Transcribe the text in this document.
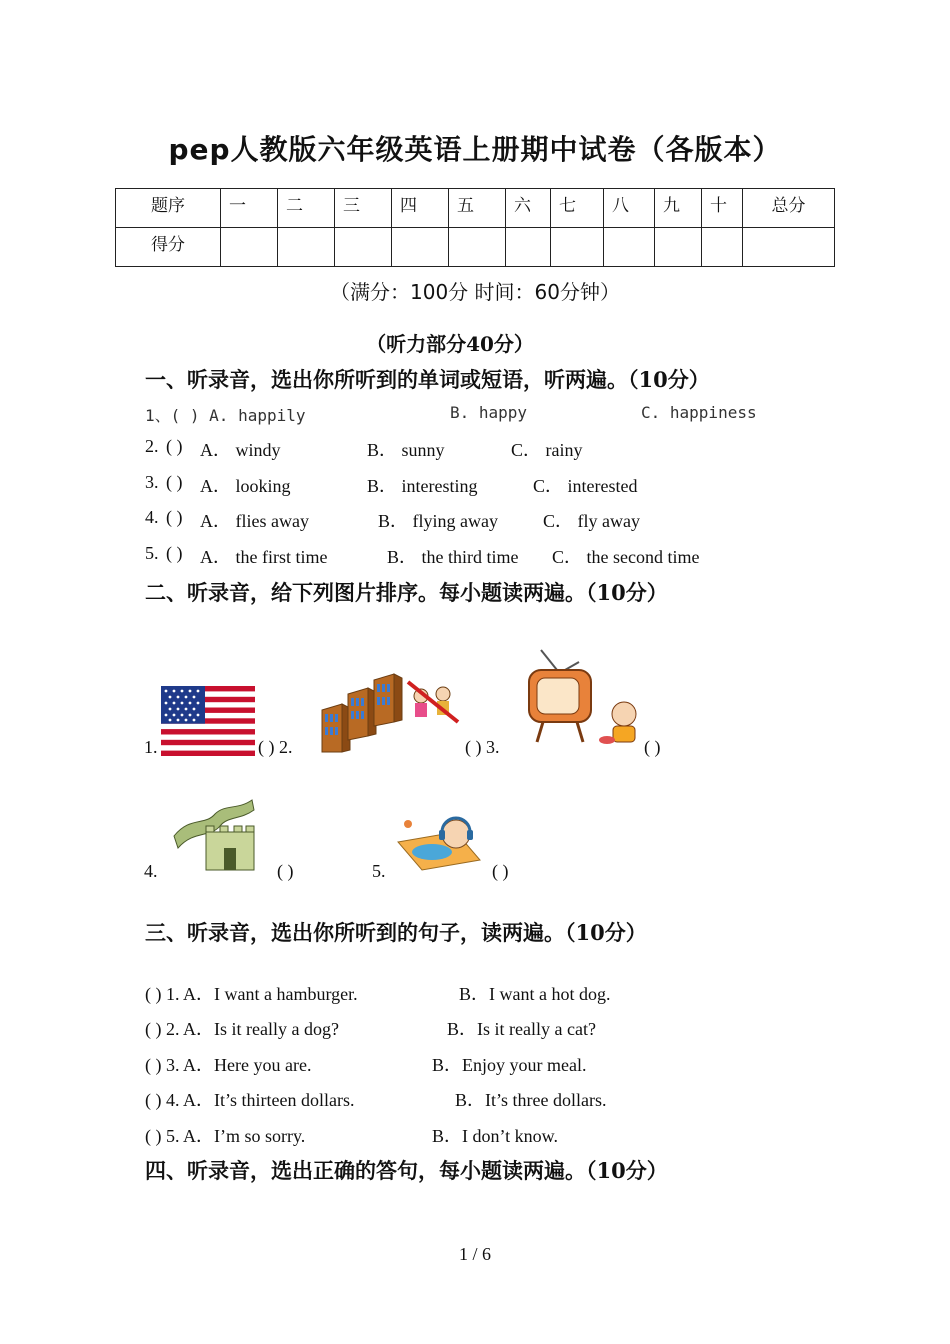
pep人教版六年级英语上册期中试卷（各版本）
题序	一	二	三	四	五	六	七	八	九	十	总分
得分											
（满分：100分 时间：60分钟）
（听力部分40分）
一、听录音，选出你所听到的单词或短语，听两遍。（10分）
1、( ) A. happily	B. happy	C. happiness
2. ( ) A． windy	B． sunny	C． rainy
3. ( ) A． looking	B． interesting	C． interested
4. ( ) A． flies away	B． flying away	C． fly away
5. ( ) A． the first time	B． the third time C． the second time
二、听录音，给下列图片排序。每小题读两遍。（10分）
1.	( ) 2.	( ) 3.	( )
4.	( )	5.	( )
三、听录音，选出你所听到的句子，读两遍。（10分）
( ) 1. A．I want a hamburger.	B．I want a hot dog.
( ) 2. A．Is it really a dog?	B．Is it really a cat?
( ) 3. A．Here you are.	B．Enjoy your meal.
( ) 4. A．It’s thirteen dollars.	B．It’s three dollars.
( ) 5. A．I’m so sorry.	B．I don’t know.
四、听录音，选出正确的答句，每小题读两遍。（10分）
1 / 6
